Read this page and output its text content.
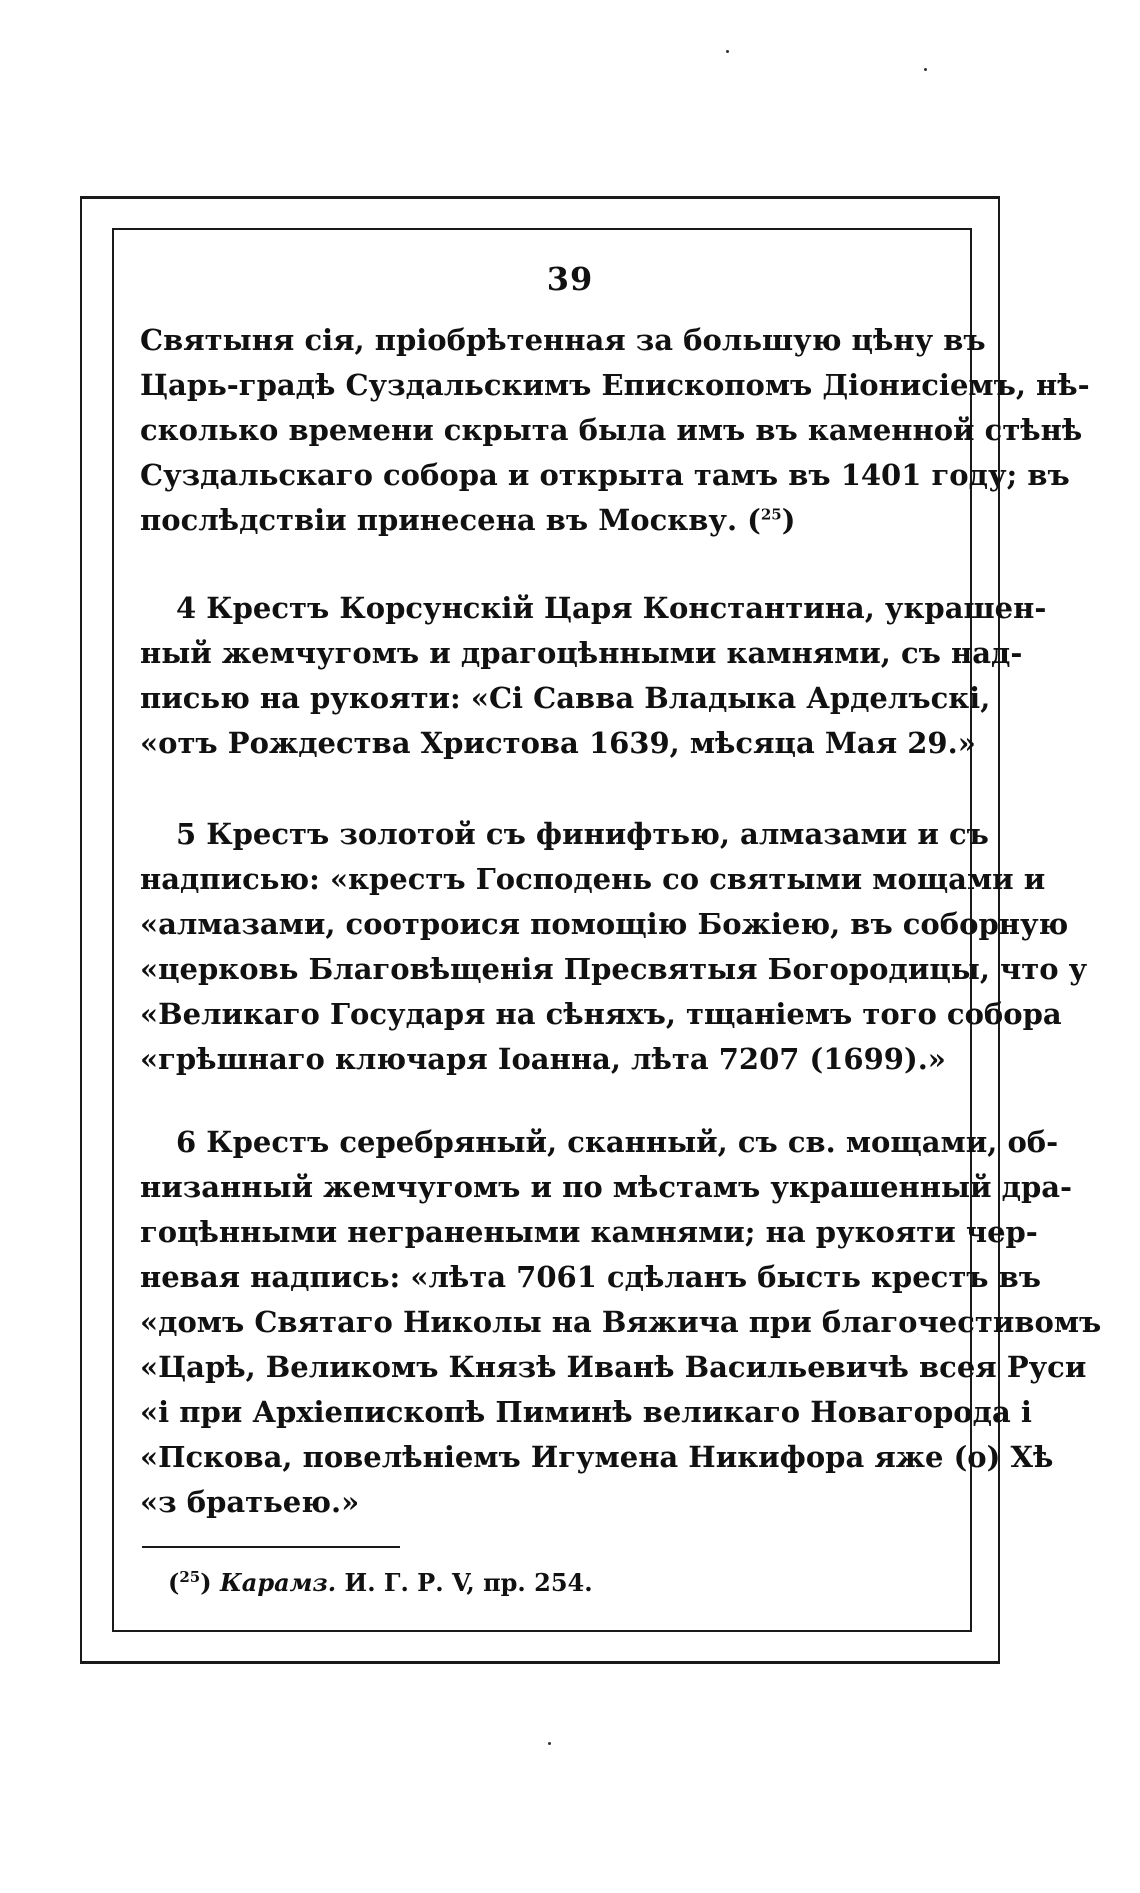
39
Святыня сія, пріобрѣтенная за большую цѣну въ
Царь-градѣ Суздальскимъ Епископомъ Діонисіемъ, нѣ-
сколько времени скрыта была имъ въ каменной стѣнѣ
Суздальскаго собора и открыта тамъ въ 1401 году; въ
послѣдствіи принесена въ Москву. ($^{25}$)
4 Крестъ Корсунскій Царя Константина, украшен-
ный жемчугомъ и драгоцѣнными камнями, съ над-
писью на рукояти: «Сі Савва Владыка Арделъскі,
«отъ Рождества Христова 1639, мѣсяца Мая 29.»
5 Крестъ золотой съ финифтью, алмазами и съ
надписью: «крестъ Господень со святыми мощами и
«алмазами, соотроися помощію Божіею, въ соборную
«церковь Благовѣщенія Пресвятыя Богородицы, что у
«Великаго Государя на сѣняхъ, тщаніемъ того собора
«грѣшнаго ключаря Іоанна, лѣта 7207 (1699).»
6 Крестъ серебряный, сканный, съ св. мощами, об-
низанный жемчугомъ и по мѣстамъ украшенный дра-
гоцѣнными негранеными камнями; на рукояти чер-
невая надпись: «лѣта 7061 сдѣланъ бысть крестъ въ
«домъ Святаго Николы на Вяжича при благочестивомъ
«Царѣ, Великомъ Князѣ Иванѣ Васильевичѣ всея Руси
«і при Архіепископѣ Пиминѣ великаго Новагорода і
«Пскова, повелѣніемъ Игумена Никифора яже (о) Хѣ
«з братьею.»
($^{25}$) Карамз. И. Г. Р. V, пр. 254.
